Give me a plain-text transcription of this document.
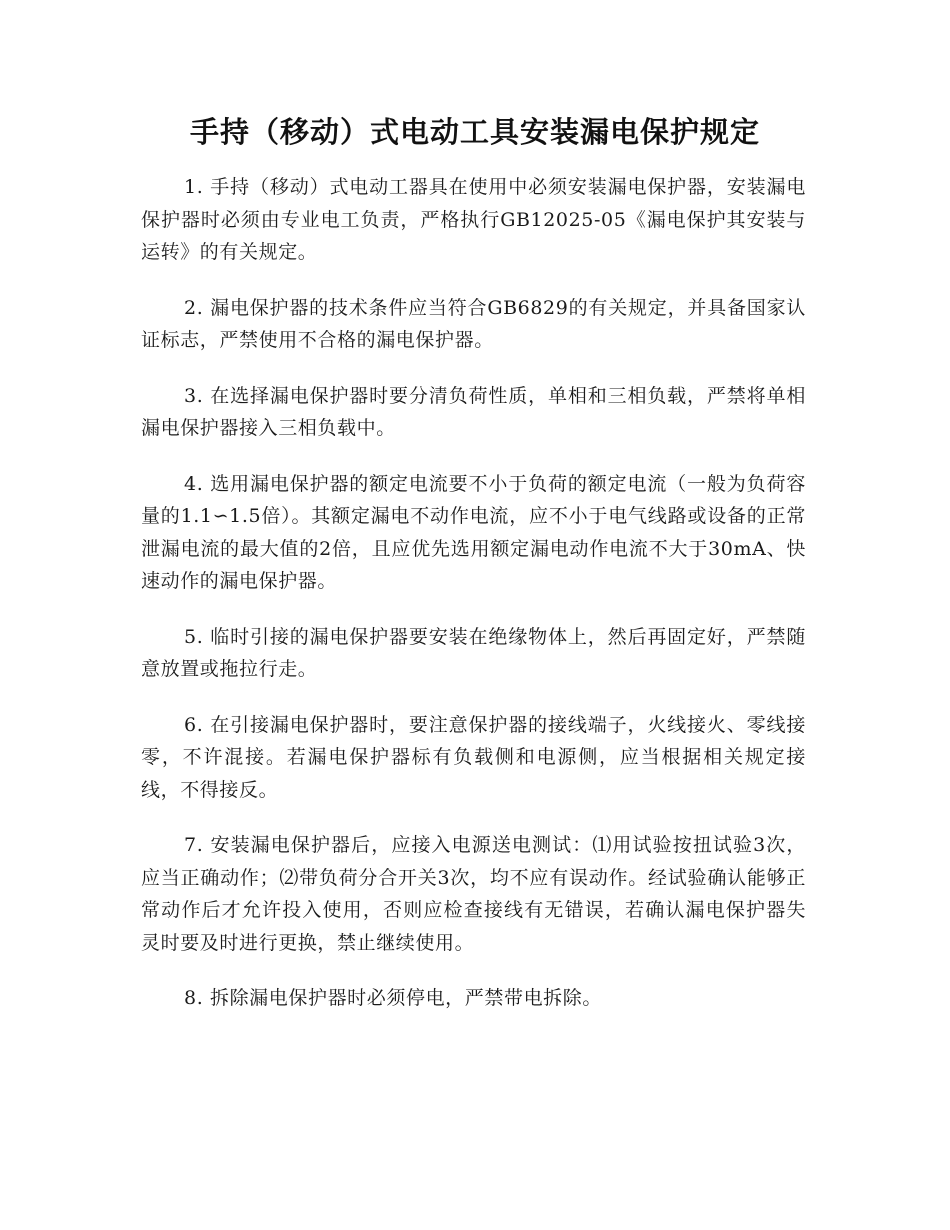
手持（移动）式电动工具安装漏电保护规定

1. 手持（移动）式电动工器具在使用中必须安装漏电保护器，安装漏电保护器时必须由专业电工负责，严格执行GB12025-05《漏电保护其安装与运转》的有关规定。

2. 漏电保护器的技术条件应当符合GB6829的有关规定，并具备国家认证标志，严禁使用不合格的漏电保护器。

3. 在选择漏电保护器时要分清负荷性质，单相和三相负载，严禁将单相漏电保护器接入三相负载中。

4. 选用漏电保护器的额定电流要不小于负荷的额定电流（一般为负荷容量的1.1∽1.5倍）。其额定漏电不动作电流，应不小于电气线路或设备的正常泄漏电流的最大值的2倍，且应优先选用额定漏电动作电流不大于30mA、快速动作的漏电保护器。

5. 临时引接的漏电保护器要安装在绝缘物体上，然后再固定好，严禁随意放置或拖拉行走。

6. 在引接漏电保护器时，要注意保护器的接线端子，火线接火、零线接零，不许混接。若漏电保护器标有负载侧和电源侧，应当根据相关规定接线，不得接反。

7. 安装漏电保护器后，应接入电源送电测试：⑴用试验按扭试验3次，应当正确动作；⑵带负荷分合开关3次，均不应有误动作。经试验确认能够正常动作后才允许投入使用，否则应检查接线有无错误，若确认漏电保护器失灵时要及时进行更换，禁止继续使用。

8. 拆除漏电保护器时必须停电，严禁带电拆除。
